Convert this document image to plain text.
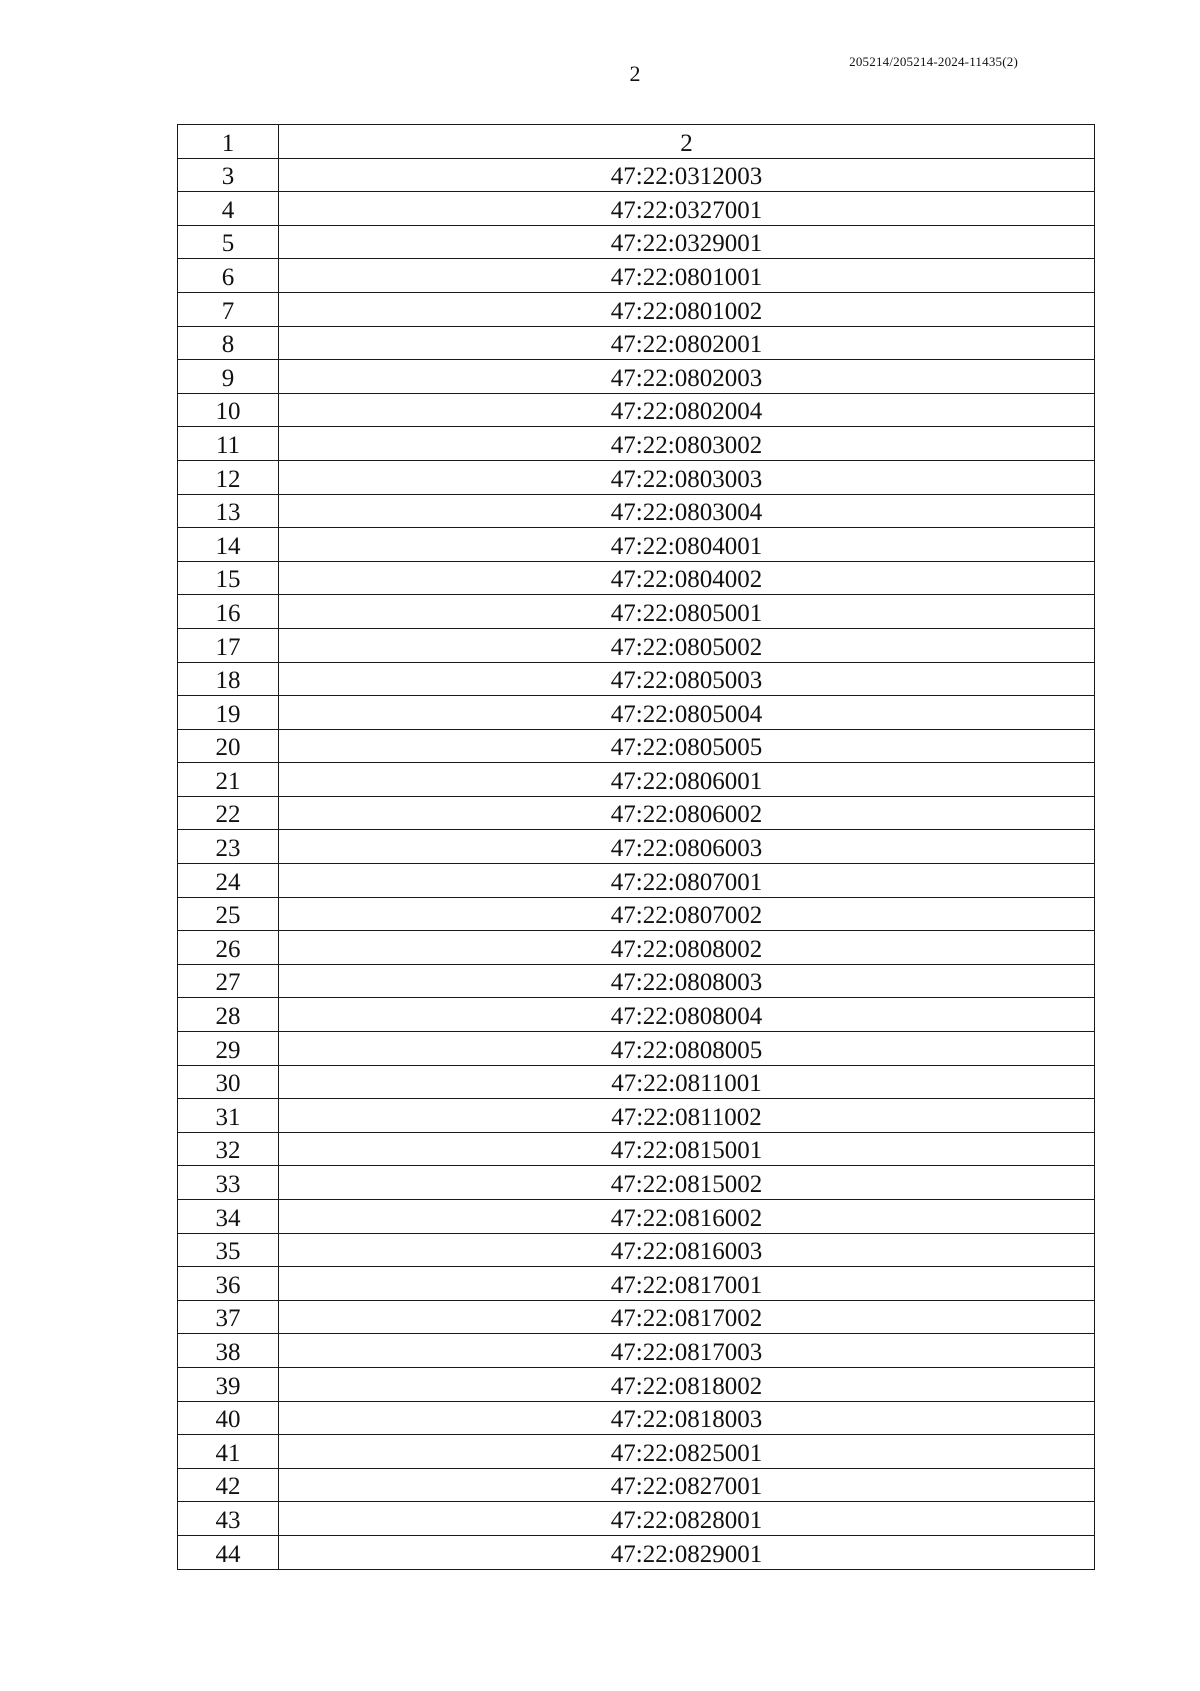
2	205214/205214-2024-11435(2)
1	2
3	47:22:0312003
4	47:22:0327001
5	47:22:0329001
6	47:22:0801001
7	47:22:0801002
8	47:22:0802001
9	47:22:0802003
10	47:22:0802004
11	47:22:0803002
12	47:22:0803003
13	47:22:0803004
14	47:22:0804001
15	47:22:0804002
16	47:22:0805001
17	47:22:0805002
18	47:22:0805003
19	47:22:0805004
20	47:22:0805005
21	47:22:0806001
22	47:22:0806002
23	47:22:0806003
24	47:22:0807001
25	47:22:0807002
26	47:22:0808002
27	47:22:0808003
28	47:22:0808004
29	47:22:0808005
30	47:22:0811001
31	47:22:0811002
32	47:22:0815001
33	47:22:0815002
34	47:22:0816002
35	47:22:0816003
36	47:22:0817001
37	47:22:0817002
38	47:22:0817003
39	47:22:0818002
40	47:22:0818003
41	47:22:0825001
42	47:22:0827001
43	47:22:0828001
44	47:22:0829001
